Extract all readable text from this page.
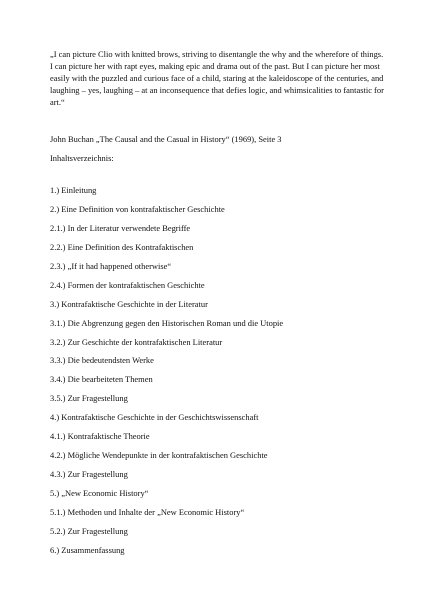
„I can picture Clio with knitted brows, striving to disentangle the why and the wherefore of things. I can picture her with rapt eyes, making epic and drama out of the past. But I can picture her most easily with the puzzled and curious face of a child, staring at the kaleidoscope of the centuries, and laughing – yes, laughing – at an inconsequence that defies logic, and whimsicalities to fantastic for art.“

John Buchan „The Causal and the Casual in History“ (1969), Seite 3

Inhaltsverzeichnis:

1.) Einleitung
2.) Eine Definition von kontrafaktischer Geschichte
2.1.) In der Literatur verwendete Begriffe
2.2.) Eine Definition des Kontrafaktischen
2.3.) „If it had happened otherwise“
2.4.) Formen der kontrafaktischen Geschichte
3.) Kontrafaktische Geschichte in der Literatur
3.1.) Die Abgrenzung gegen den Historischen Roman und die Utopie
3.2.) Zur Geschichte der kontrafaktischen Literatur
3.3.) Die bedeutendsten Werke
3.4.) Die bearbeiteten Themen
3.5.) Zur Fragestellung
4.) Kontrafaktische Geschichte in der Geschichtswissenschaft
4.1.) Kontrafaktische Theorie
4.2.) Mögliche Wendepunkte in der kontrafaktischen Geschichte
4.3.) Zur Fragestellung
5.) „New Economic History“
5.1.) Methoden und Inhalte der „New Economic History“
5.2.) Zur Fragestellung
6.) Zusammenfassung
